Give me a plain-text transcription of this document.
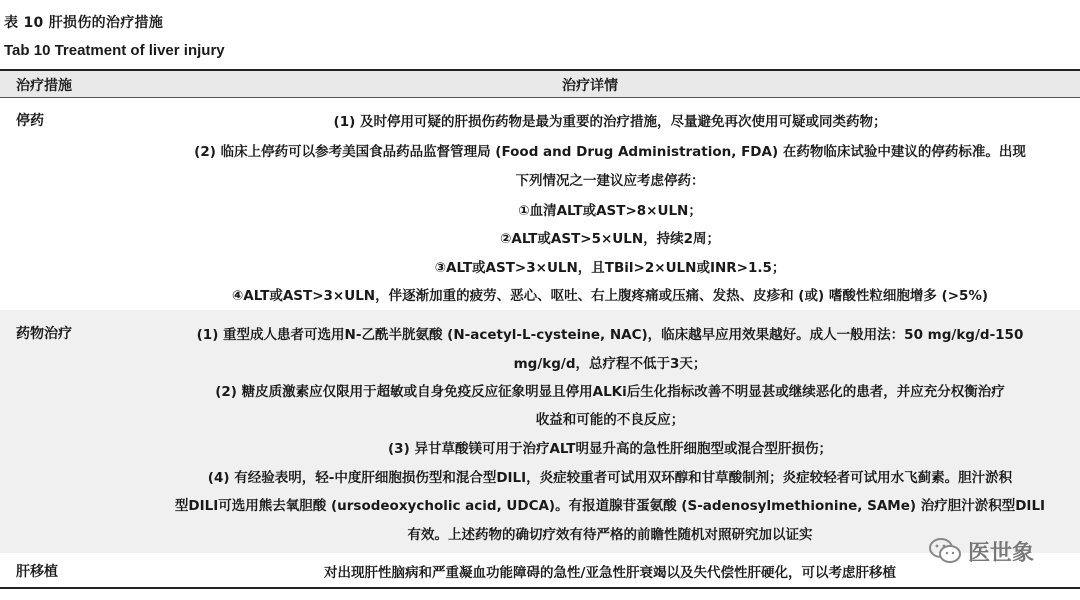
表 10 肝损伤的治疗措施
Tab 10 Treatment of liver injury
治疗措施	治疗详情
停药	(1) 及时停用可疑的肝损伤药物是最为重要的治疗措施，尽量避免再次使用可疑或同类药物；
(2) 临床上停药可以参考美国食品药品监督管理局 (Food and Drug Administration, FDA) 在药物临床试验中建议的停药标准。出现
下列情况之一建议应考虑停药：
①血清ALT或AST>8×ULN；
②ALT或AST>5×ULN，持续2周；
③ALT或AST>3×ULN，且TBil>2×ULN或INR>1.5；
④ALT或AST>3×ULN，伴逐渐加重的疲劳、恶心、呕吐、右上腹疼痛或压痛、发热、皮疹和 (或) 嗜酸性粒细胞增多 (>5%)
药物治疗	(1) 重型成人患者可选用N-乙酰半胱氨酸 (N-acetyl-L-cysteine, NAC)，临床越早应用效果越好。成人一般用法：50 mg/kg/d-150
mg/kg/d，总疗程不低于3天；
(2) 糖皮质激素应仅限用于超敏或自身免疫反应征象明显且停用ALKi后生化指标改善不明显甚或继续恶化的患者，并应充分权衡治疗
收益和可能的不良反应；
(3) 异甘草酸镁可用于治疗ALT明显升高的急性肝细胞型或混合型肝损伤；
(4) 有经验表明，轻-中度肝细胞损伤型和混合型DILI，炎症较重者可试用双环醇和甘草酸制剂；炎症较轻者可试用水飞蓟素。胆汁淤积
型DILI可选用熊去氧胆酸 (ursodeoxycholic acid, UDCA)。有报道腺苷蛋氨酸 (S-adenosylmethionine, SAMe) 治疗胆汁淤积型DILI
有效。上述药物的确切疗效有待严格的前瞻性随机对照研究加以证实
肝移植	对出现肝性脑病和严重凝血功能障碍的急性/亚急性肝衰竭以及失代偿性肝硬化，可以考虑肝移植
医世象
